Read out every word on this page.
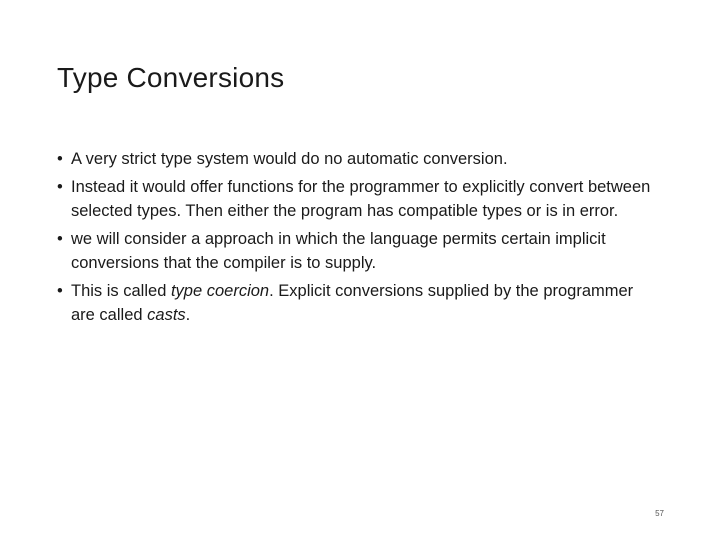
Type Conversions
• A very strict type system would do no automatic conversion.
• Instead it would offer functions for the programmer to explicitly convert between selected types. Then either the program has compatible types or is in error.
• we will consider a approach in which the language permits certain implicit conversions that the compiler is to supply.
• This is called type coercion. Explicit conversions supplied by the programmer are called casts.
57
